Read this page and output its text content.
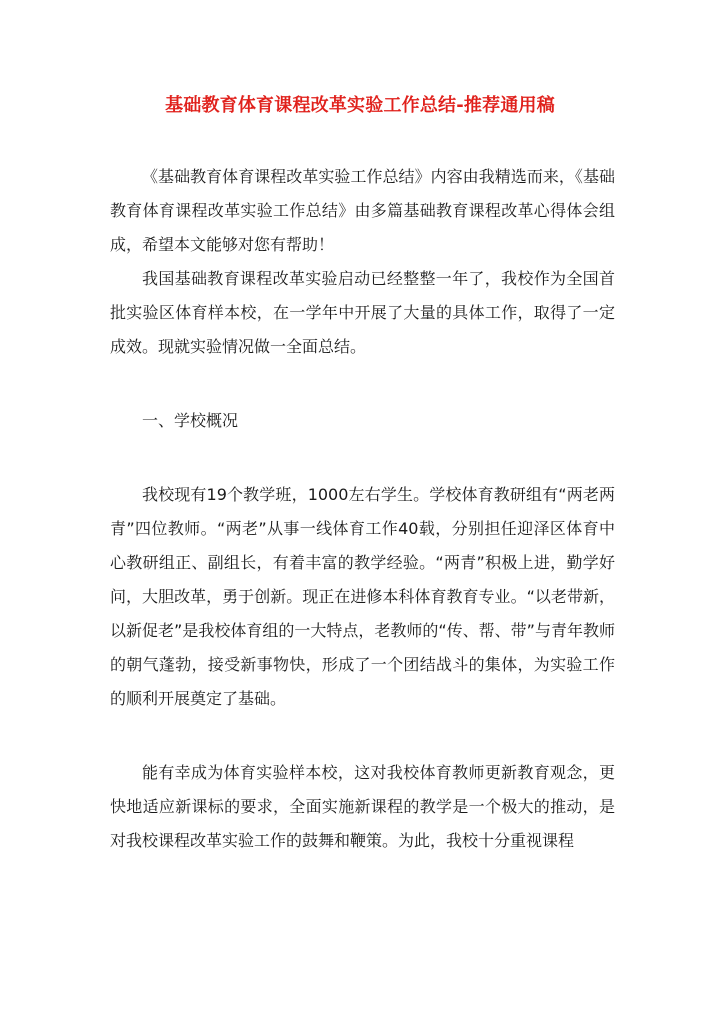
基础教育体育课程改革实验工作总结-推荐通用稿

《基础教育体育课程改革实验工作总结》内容由我精选而来，《基础教育体育课程改革实验工作总结》由多篇基础教育课程改革心得体会组成，希望本文能够对您有帮助！

我国基础教育课程改革实验启动已经整整一年了，我校作为全国首批实验区体育样本校，在一学年中开展了大量的具体工作，取得了一定成效。现就实验情况做一全面总结。

一、学校概况

我校现有19个教学班，1000左右学生。学校体育教研组有“两老两青”四位教师。“两老”从事一线体育工作40载，分别担任迎泽区体育中心教研组正、副组长，有着丰富的教学经验。“两青”积极上进，勤学好问，大胆改革，勇于创新。现正在进修本科体育教育专业。“以老带新，以新促老”是我校体育组的一大特点，老教师的“传、帮、带”与青年教师的朝气蓬勃，接受新事物快，形成了一个团结战斗的集体，为实验工作的顺利开展奠定了基础。

能有幸成为体育实验样本校，这对我校体育教师更新教育观念，更快地适应新课标的要求，全面实施新课程的教学是一个极大的推动，是对我校课程改革实验工作的鼓舞和鞭策。为此，我校十分重视课程
